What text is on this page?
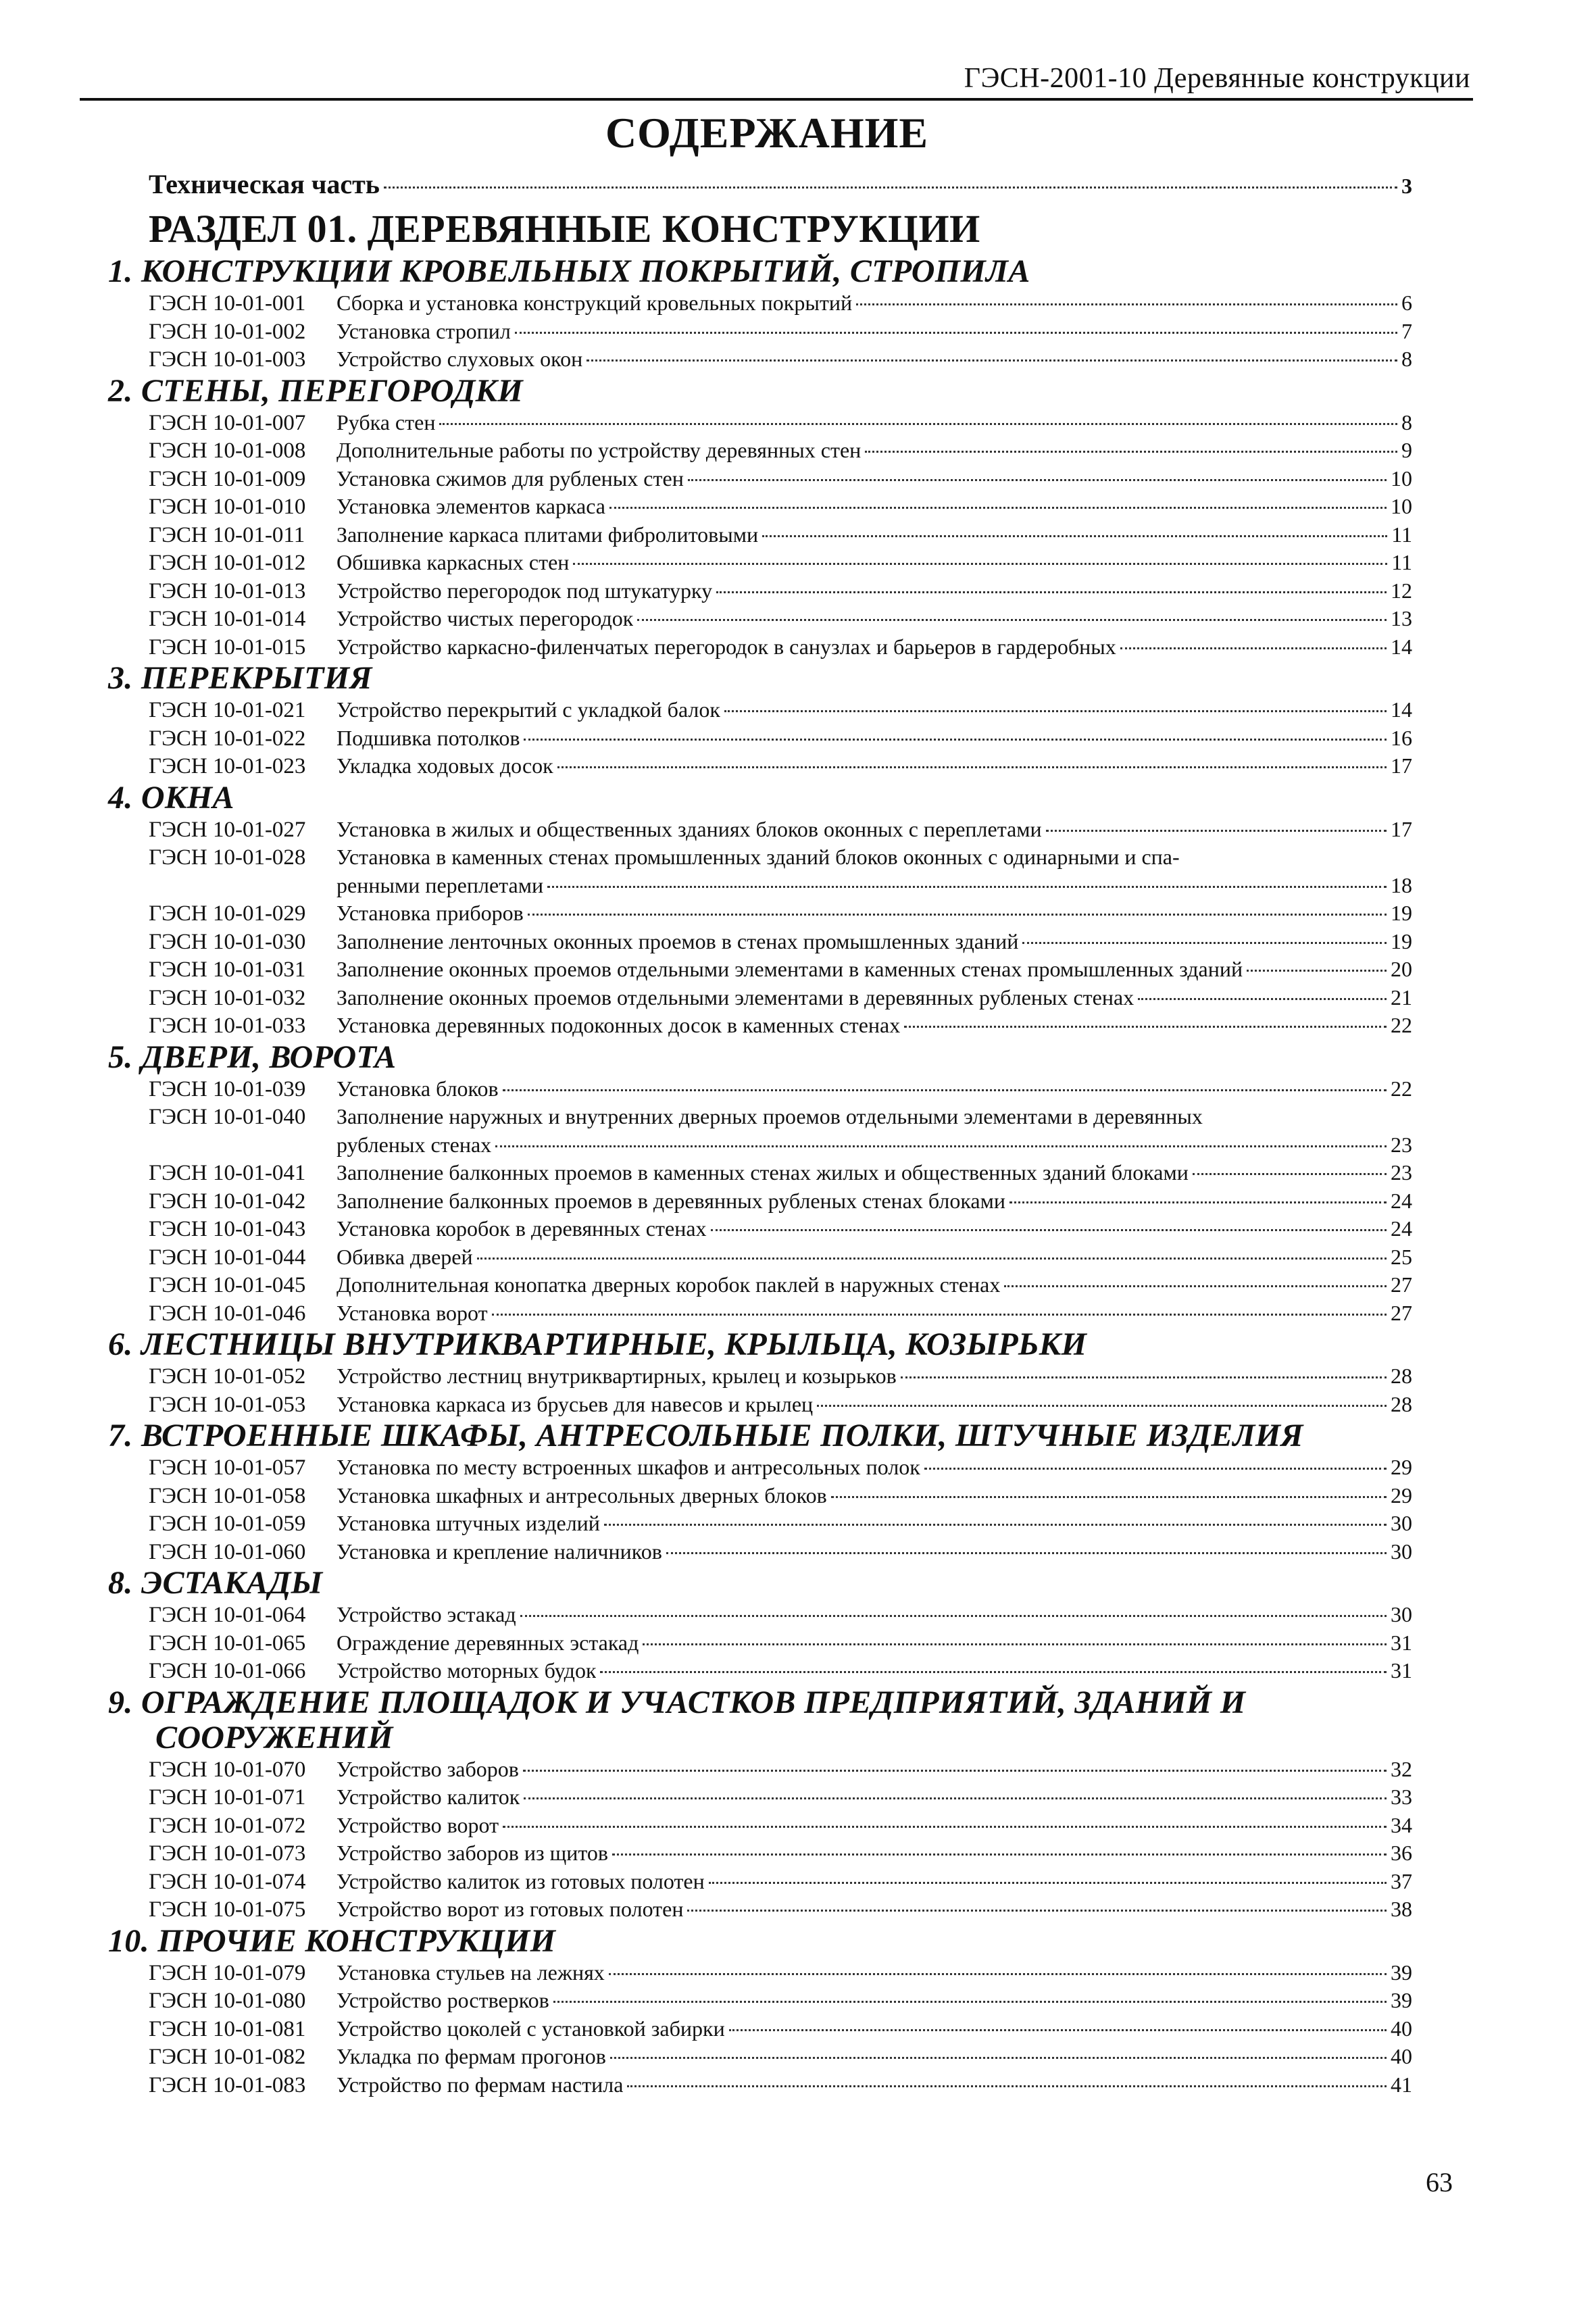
ГЭСН-2001-10 Деревянные конструкции
СОДЕРЖАНИЕ
Техническая часть	3
РАЗДЕЛ 01. ДЕРЕВЯННЫЕ КОНСТРУКЦИИ
1. КОНСТРУКЦИИ КРОВЕЛЬНЫХ ПОКРЫТИЙ, СТРОПИЛА
ГЭСН 10-01-001	Сборка и установка конструкций кровельных покрытий	6
ГЭСН 10-01-002	Установка стропил	7
ГЭСН 10-01-003	Устройство слуховых окон	8
2. СТЕНЫ, ПЕРЕГОРОДКИ
ГЭСН 10-01-007	Рубка стен	8
ГЭСН 10-01-008	Дополнительные работы по устройству деревянных стен	9
ГЭСН 10-01-009	Установка сжимов для рубленых стен	10
ГЭСН 10-01-010	Установка элементов каркаса	10
ГЭСН 10-01-011	Заполнение каркаса плитами фибролитовыми	11
ГЭСН 10-01-012	Обшивка каркасных стен	11
ГЭСН 10-01-013	Устройство перегородок под штукатурку	12
ГЭСН 10-01-014	Устройство чистых перегородок	13
ГЭСН 10-01-015	Устройство каркасно-филенчатых перегородок в санузлах и барьеров в гардеробных	14
3. ПЕРЕКРЫТИЯ
ГЭСН 10-01-021	Устройство перекрытий с укладкой балок	14
ГЭСН 10-01-022	Подшивка потолков	16
ГЭСН 10-01-023	Укладка ходовых досок	17
4. ОКНА
ГЭСН 10-01-027	Установка в жилых и общественных зданиях блоков оконных с переплетами	17
ГЭСН 10-01-028	Установка в каменных стенах промышленных зданий блоков оконных с одинарными и спа-
ренными переплетами	18
ГЭСН 10-01-029	Установка приборов	19
ГЭСН 10-01-030	Заполнение ленточных оконных проемов в стенах промышленных зданий	19
ГЭСН 10-01-031	Заполнение оконных проемов отдельными элементами в каменных стенах промышленных зданий	20
ГЭСН 10-01-032	Заполнение оконных проемов отдельными элементами в деревянных рубленых стенах	21
ГЭСН 10-01-033	Установка деревянных подоконных досок в каменных стенах	22
5. ДВЕРИ, ВОРОТА
ГЭСН 10-01-039	Установка блоков	22
ГЭСН 10-01-040	Заполнение наружных и внутренних дверных проемов отдельными элементами в деревянных
рубленых стенах	23
ГЭСН 10-01-041	Заполнение балконных проемов в каменных стенах жилых и общественных зданий блоками	23
ГЭСН 10-01-042	Заполнение балконных проемов в деревянных рубленых стенах блоками	24
ГЭСН 10-01-043	Установка коробок в деревянных стенах	24
ГЭСН 10-01-044	Обивка дверей	25
ГЭСН 10-01-045	Дополнительная конопатка дверных коробок паклей в наружных стенах	27
ГЭСН 10-01-046	Установка ворот	27
6. ЛЕСТНИЦЫ ВНУТРИКВАРТИРНЫЕ, КРЫЛЬЦА, КОЗЫРЬКИ
ГЭСН 10-01-052	Устройство лестниц внутриквартирных, крылец и козырьков	28
ГЭСН 10-01-053	Установка каркаса из брусьев для навесов и крылец	28
7. ВСТРОЕННЫЕ ШКАФЫ, АНТРЕСОЛЬНЫЕ ПОЛКИ, ШТУЧНЫЕ ИЗДЕЛИЯ
ГЭСН 10-01-057	Установка по месту встроенных шкафов и антресольных полок	29
ГЭСН 10-01-058	Установка шкафных и антресольных дверных блоков	29
ГЭСН 10-01-059	Установка штучных изделий	30
ГЭСН 10-01-060	Установка и крепление наличников	30
8. ЭСТАКАДЫ
ГЭСН 10-01-064	Устройство эстакад	30
ГЭСН 10-01-065	Ограждение деревянных эстакад	31
ГЭСН 10-01-066	Устройство моторных будок	31
9. ОГРАЖДЕНИЕ ПЛОЩАДОК И УЧАСТКОВ ПРЕДПРИЯТИЙ, ЗДАНИЙ И
СООРУЖЕНИЙ
ГЭСН 10-01-070	Устройство заборов	32
ГЭСН 10-01-071	Устройство калиток	33
ГЭСН 10-01-072	Устройство ворот	34
ГЭСН 10-01-073	Устройство заборов из щитов	36
ГЭСН 10-01-074	Устройство калиток из готовых полотен	37
ГЭСН 10-01-075	Устройство ворот из готовых полотен	38
10. ПРОЧИЕ КОНСТРУКЦИИ
ГЭСН 10-01-079	Установка стульев на лежнях	39
ГЭСН 10-01-080	Устройство ростверков	39
ГЭСН 10-01-081	Устройство цоколей с установкой забирки	40
ГЭСН 10-01-082	Укладка по фермам прогонов	40
ГЭСН 10-01-083	Устройство по фермам настила	41
63
